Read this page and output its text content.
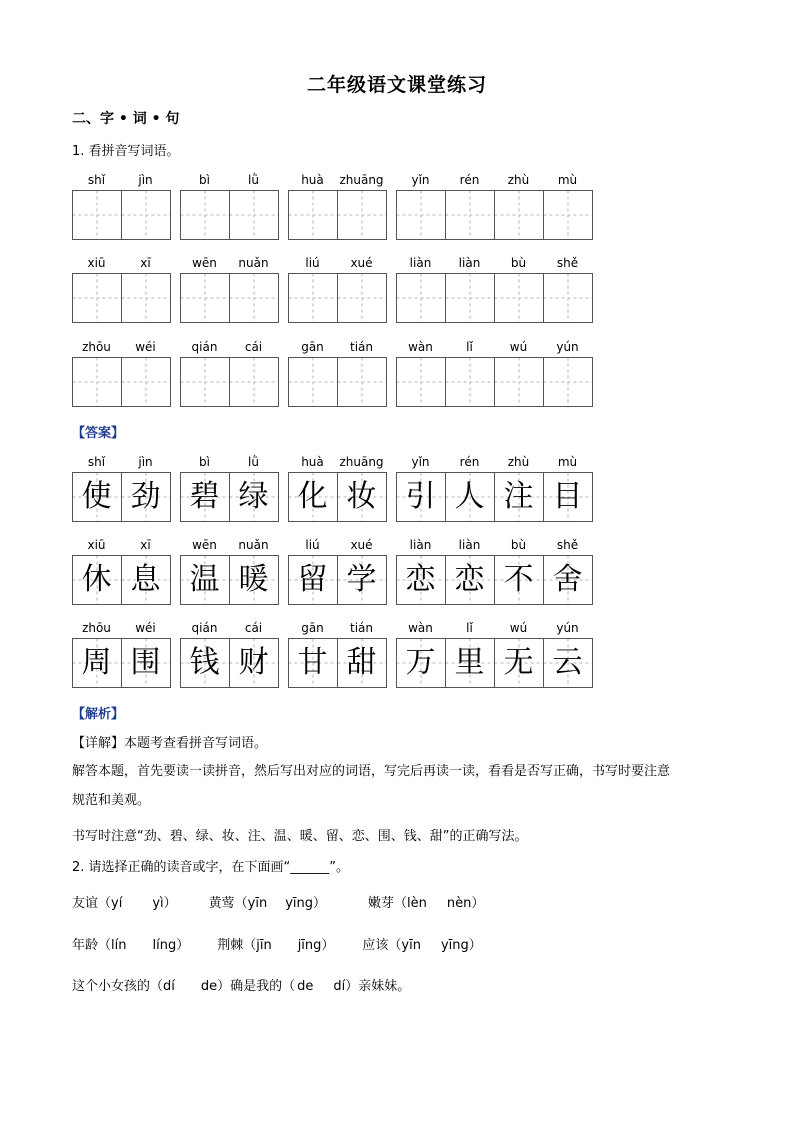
二年级语文课堂练习
二、字 • 词 • 句
1. 看拼音写词语。
shǐ	jìn	bì	lǜ	huà	zhuāng	yǐn	rén	zhù	mù
xiū	xī	wēn	nuǎn	liú	xué	liàn	liàn	bù	shě
zhōu	wéi	qián	cái	gān	tián	wàn	lǐ	wú	yún
shǐ	jìn
使 劲
bì	lǜ
碧 绿
huà	zhuāng
化 妆
yǐn	rén	zhù	mù
引 人 注 目
xiū	xī
休 息
wēn	nuǎn
温 暖
liú	xué
留 学
liàn	liàn	bù	shě
恋 恋 不 舍
zhōu	wéi
周 围
qián	cái
钱 财
gān	tián
甘 甜
wàn	lǐ	wú	yún
万 里 无 云
【答案】
【解析】
【详解】本题考查看拼音写词语。
解答本题，首先要读一读拼音，然后写出对应的词语，写完后再读一读，看看是否写正确，书写时要注意
规范和美观。
书写时注意“劲、碧、绿、妆、注、温、暖、留、恋、围、钱、甜”的正确写法。
2. 请选择正确的读音或字，在下面画“______”。
友谊（yí yì） 黄莺（yīn yīng）	嫩芽（lèn nèn）
年龄（lín líng） 荆棘（jīn jīng） 应该（yīn yīng）
这个小女孩的（dí de）确是我的（ de dí）亲妹妹。
